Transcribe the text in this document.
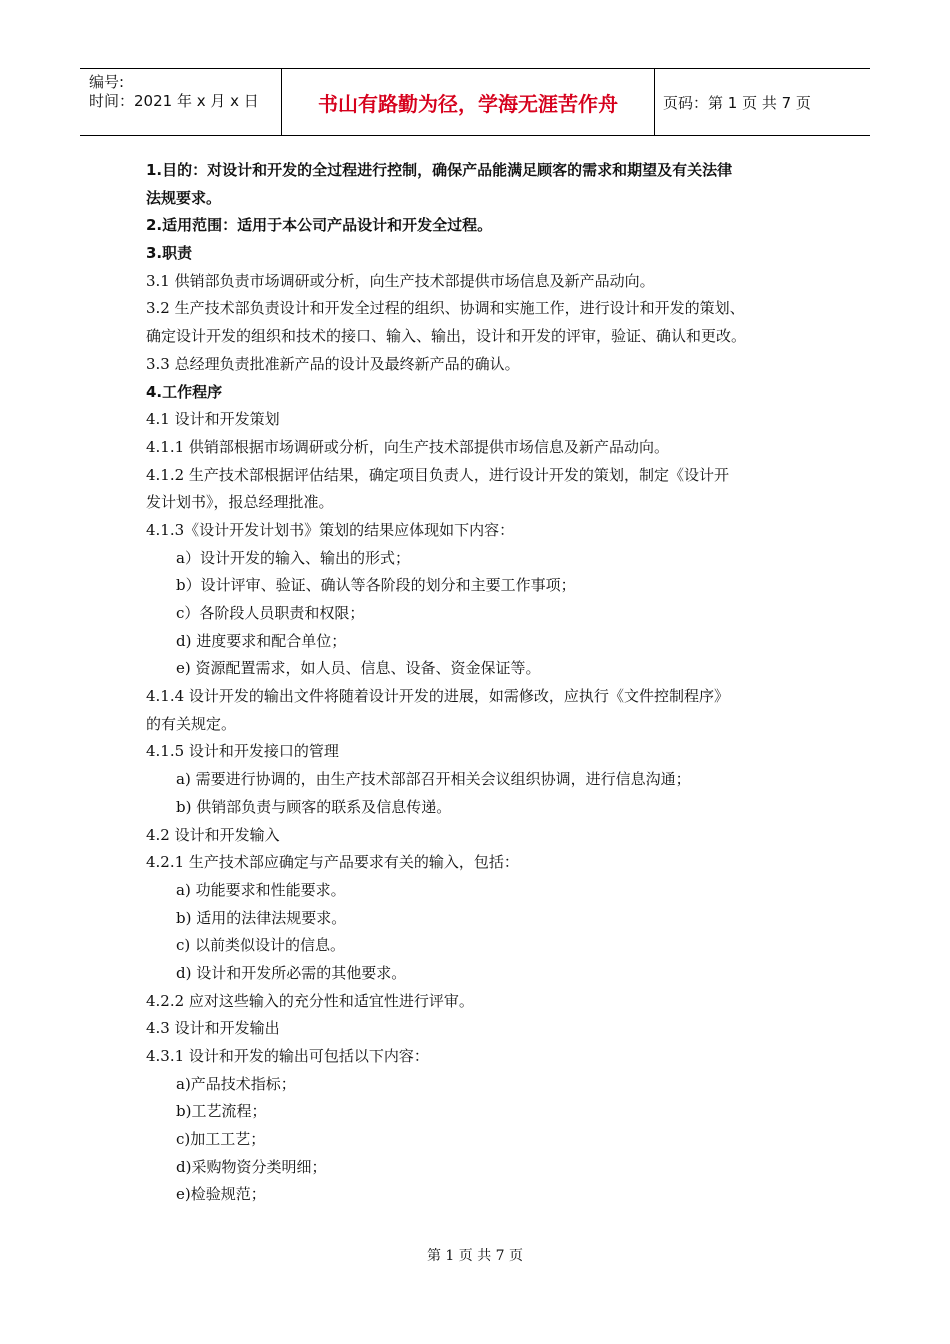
编号:
时间：2021 年 x 月 x 日	书山有路勤为径，学海无涯苦作舟	页码：第 1 页 共 7 页
1.目的：对设计和开发的全过程进行控制，确保产品能满足顾客的需求和期望及有关法律
法规要求。
2.适用范围：适用于本公司产品设计和开发全过程。
3.职责
3.1 供销部负责市场调研或分析，向生产技术部提供市场信息及新产品动向。
3.2 生产技术部负责设计和开发全过程的组织、协调和实施工作，进行设计和开发的策划、
确定设计开发的组织和技术的接口、输入、输出，设计和开发的评审，验证、确认和更改。
3.3 总经理负责批准新产品的设计及最终新产品的确认。
4.工作程序
4.1 设计和开发策划
4.1.1 供销部根据市场调研或分析，向生产技术部提供市场信息及新产品动向。
4.1.2 生产技术部根据评估结果，确定项目负责人，进行设计开发的策划，制定《设计开
发计划书》，报总经理批准。
4.1.3《设计开发计划书》策划的结果应体现如下内容：
a）设计开发的输入、输出的形式；
b）设计评审、验证、确认等各阶段的划分和主要工作事项；
c）各阶段人员职责和权限；
d) 进度要求和配合单位；
e) 资源配置需求，如人员、信息、设备、资金保证等。
4.1.4 设计开发的输出文件将随着设计开发的进展，如需修改，应执行《文件控制程序》
的有关规定。
4.1.5 设计和开发接口的管理
a) 需要进行协调的，由生产技术部部召开相关会议组织协调，进行信息沟通；
b) 供销部负责与顾客的联系及信息传递。
4.2 设计和开发输入
4.2.1 生产技术部应确定与产品要求有关的输入，包括：
a) 功能要求和性能要求。
b) 适用的法律法规要求。
c) 以前类似设计的信息。
d) 设计和开发所必需的其他要求。
4.2.2 应对这些输入的充分性和适宜性进行评审。
4.3 设计和开发输出
4.3.1 设计和开发的输出可包括以下内容：
a)产品技术指标；
b)工艺流程；
c)加工工艺；
d)采购物资分类明细；
e)检验规范；
第 1 页 共 7 页
